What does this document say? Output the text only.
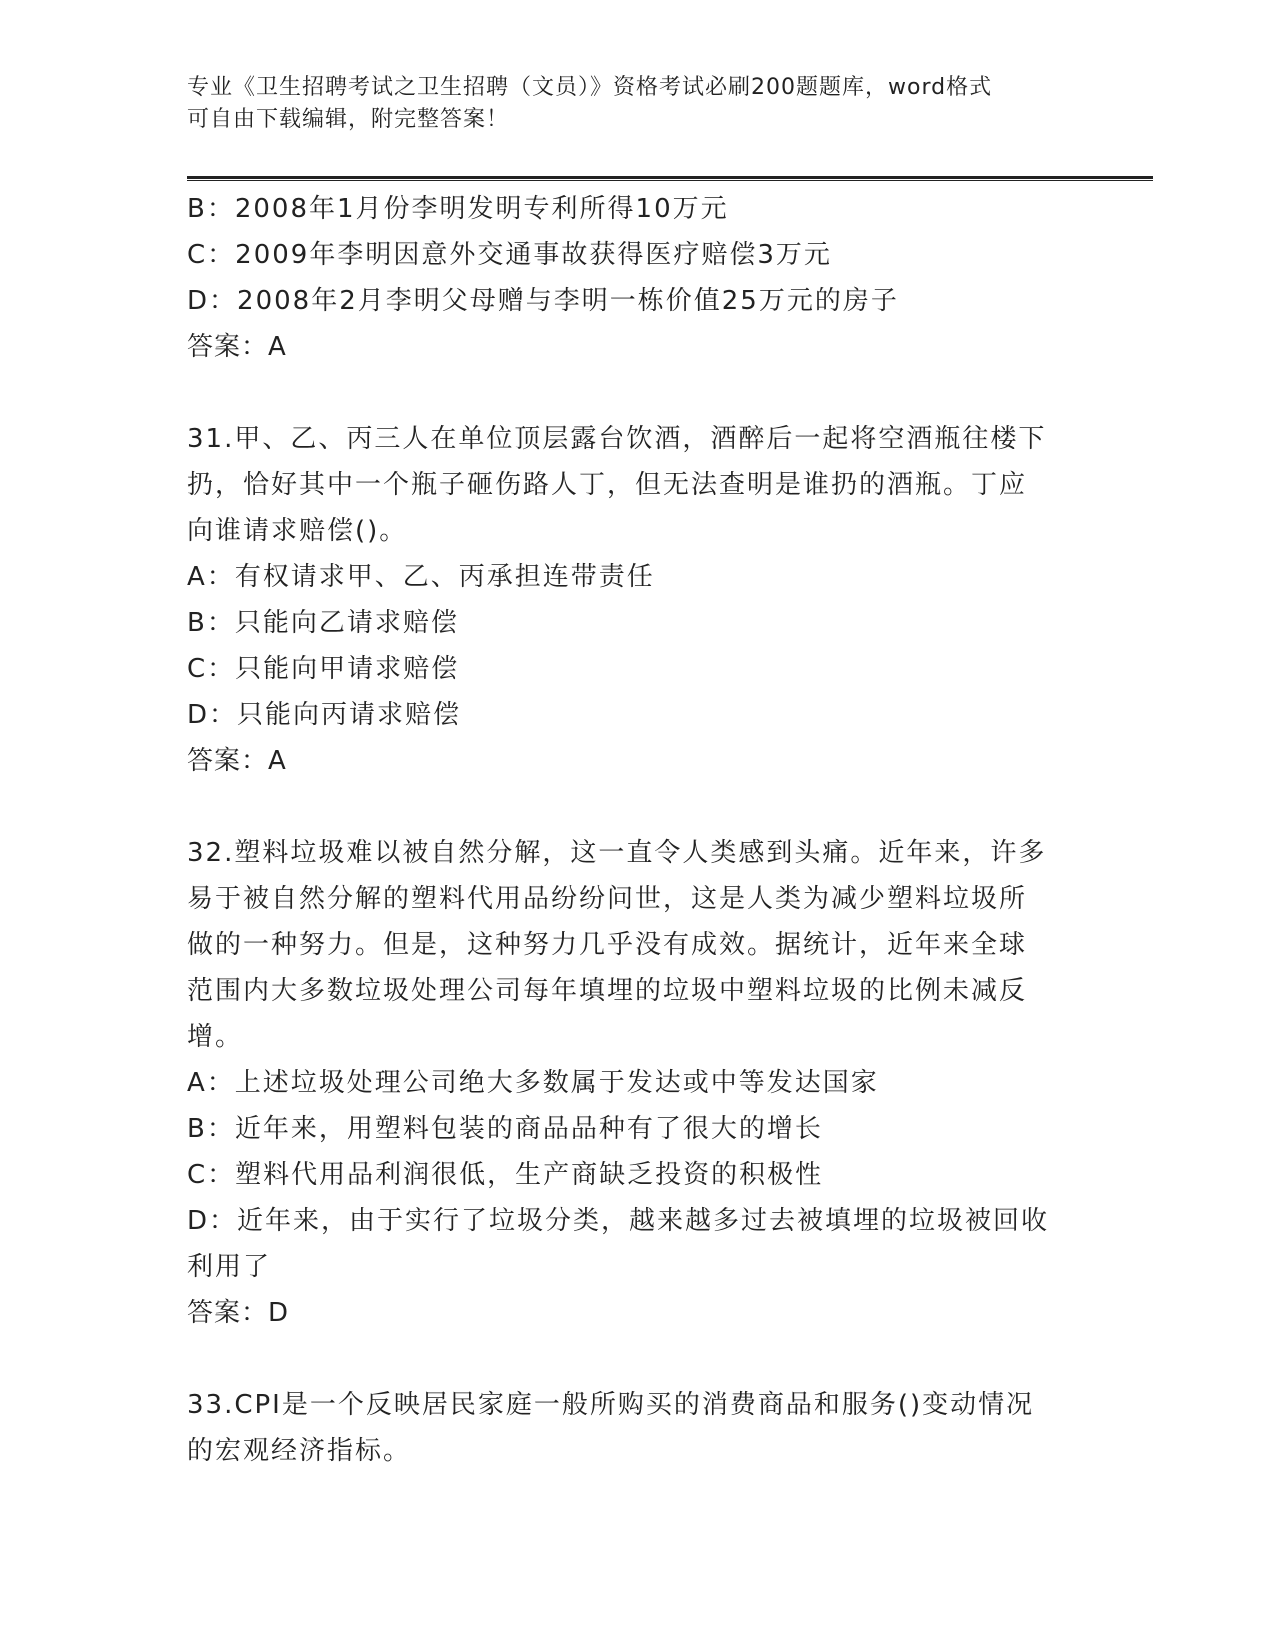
专业《卫生招聘考试之卫生招聘（文员）》资格考试必刷200题题库，word格式
可自由下载编辑，附完整答案！
B：2008年1月份李明发明专利所得10万元
C：2009年李明因意外交通事故获得医疗赔偿3万元
D：2008年2月李明父母赠与李明一栋价值25万元的房子
答案：A
31.甲、乙、丙三人在单位顶层露台饮酒，酒醉后一起将空酒瓶往楼下
扔，恰好其中一个瓶子砸伤路人丁，但无法查明是谁扔的酒瓶。丁应
向谁请求赔偿()。
A：有权请求甲、乙、丙承担连带责任
B：只能向乙请求赔偿
C：只能向甲请求赔偿
D：只能向丙请求赔偿
答案：A
32.塑料垃圾难以被自然分解，这一直令人类感到头痛。近年来，许多
易于被自然分解的塑料代用品纷纷问世，这是人类为减少塑料垃圾所
做的一种努力。但是，这种努力几乎没有成效。据统计，近年来全球
范围内大多数垃圾处理公司每年填埋的垃圾中塑料垃圾的比例未减反
增。
A：上述垃圾处理公司绝大多数属于发达或中等发达国家
B：近年来，用塑料包装的商品品种有了很大的增长
C：塑料代用品利润很低，生产商缺乏投资的积极性
D：近年来，由于实行了垃圾分类，越来越多过去被填埋的垃圾被回收
利用了
答案：D
33.CPI是一个反映居民家庭一般所购买的消费商品和服务()变动情况
的宏观经济指标。
